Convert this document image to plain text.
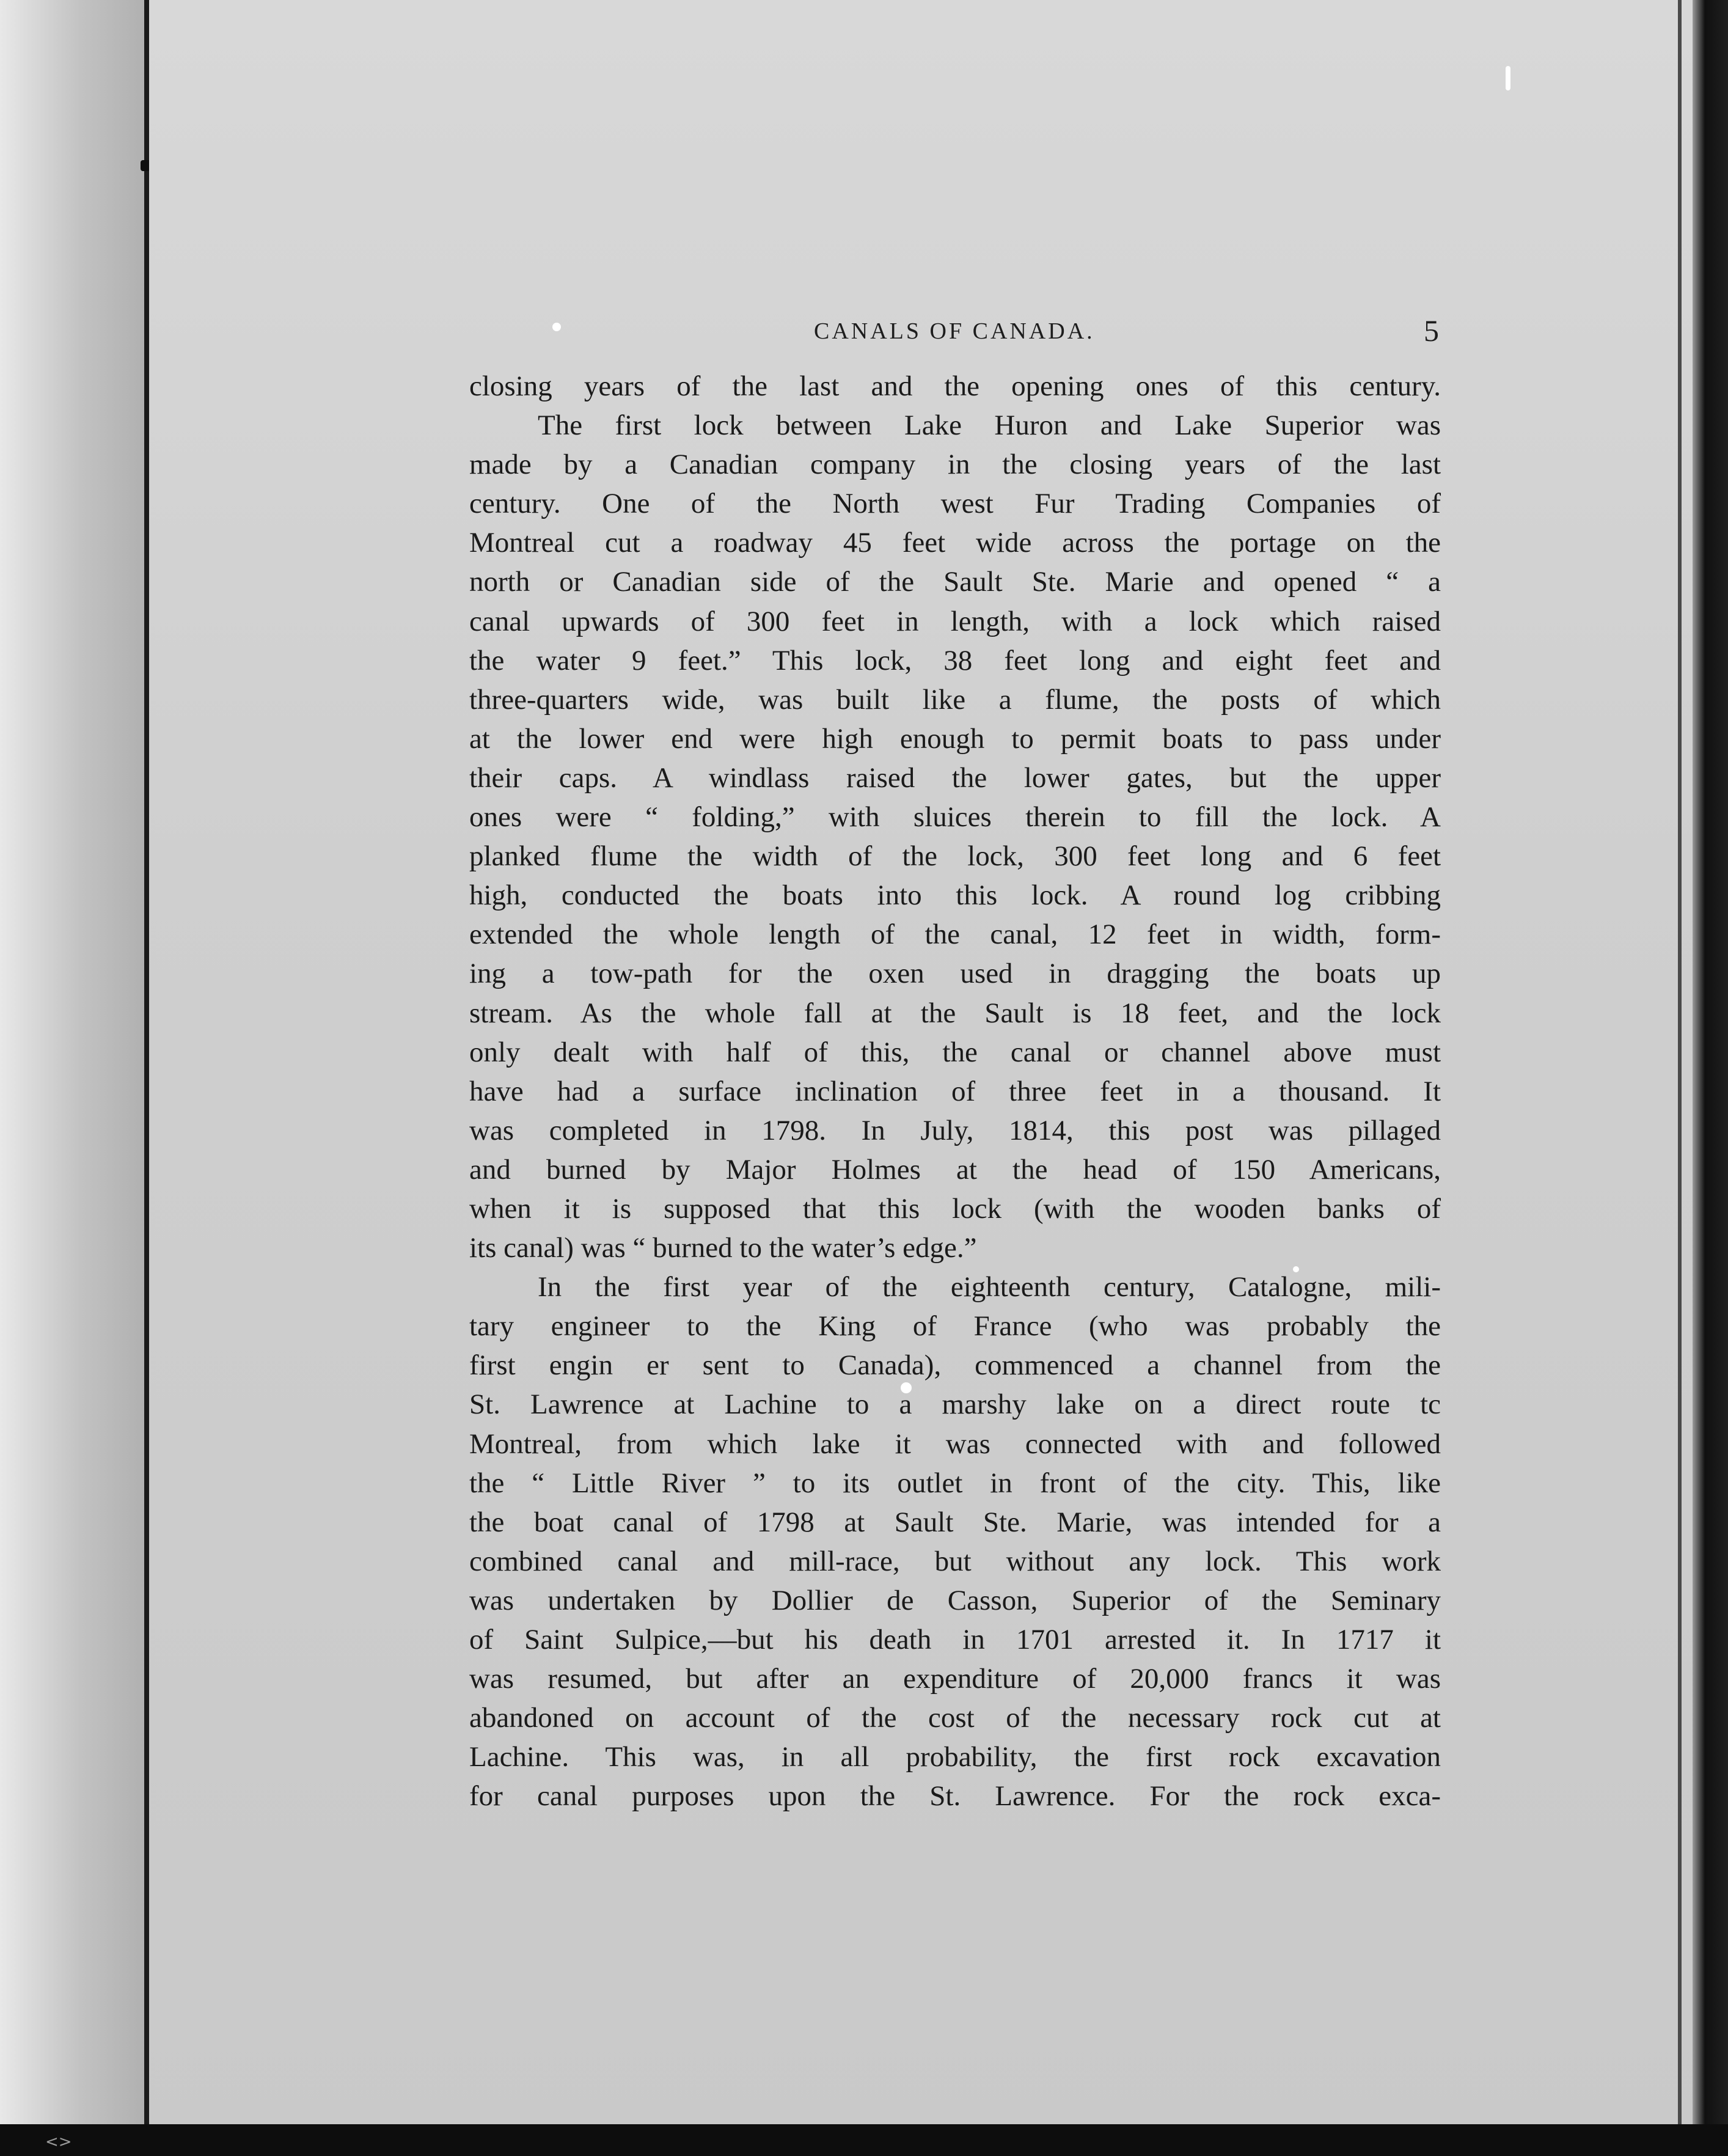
CANALS OF CANADA.	5
closing years of the last and the opening ones of this century.
The first lock between Lake Huron and Lake Superior was
made by a Canadian company in the closing years of the last
century. One of the North west Fur Trading Companies of
Montreal cut a roadway 45 feet wide across the portage on the
north or Canadian side of the Sault Ste. Marie and opened “ a
canal upwards of 300 feet in length, with a lock which raised
the water 9 feet.” This lock, 38 feet long and eight feet and
three-quarters wide, was built like a flume, the posts of which
at the lower end were high enough to permit boats to pass under
their caps. A windlass raised the lower gates, but the upper
ones were “ folding,” with sluices therein to fill the lock. A
planked flume the width of the lock, 300 feet long and 6 feet
high, conducted the boats into this lock. A round log cribbing
extended the whole length of the canal, 12 feet in width, form-
ing a tow-path for the oxen used in dragging the boats up
stream. As the whole fall at the Sault is 18 feet, and the lock
only dealt with half of this, the canal or channel above must
have had a surface inclination of three feet in a thousand. It
was completed in 1798. In July, 1814, this post was pillaged
and burned by Major Holmes at the head of 150 Americans,
when it is supposed that this lock (with the wooden banks of
its canal) was “ burned to the water’s edge.”
In the first year of the eighteenth century, Catalogne, mili-
tary engineer to the King of France (who was probably the
first engin er sent to Canada), commenced a channel from the
St. Lawrence at Lachine to a marshy lake on a direct route tc
Montreal, from which lake it was connected with and followed
the “ Little River ” to its outlet in front of the city. This, like
the boat canal of 1798 at Sault Ste. Marie, was intended for a
combined canal and mill-race, but without any lock. This work
was undertaken by Dollier de Casson, Superior of the Seminary
of Saint Sulpice,—but his death in 1701 arrested it. In 1717 it
was resumed, but after an expenditure of 20,000 francs it was
abandoned on account of the cost of the necessary rock cut at
Lachine. This was, in all probability, the first rock excavation
for canal purposes upon the St. Lawrence. For the rock exca-
<>
